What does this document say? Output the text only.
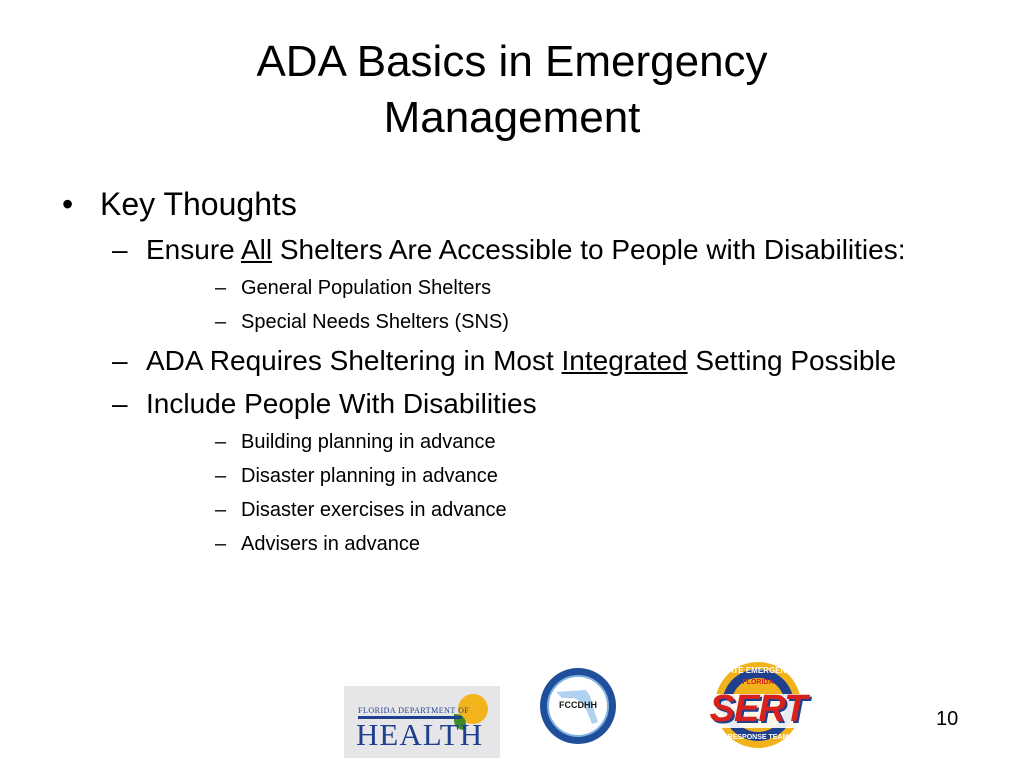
ADA Basics in Emergency
Management
• Key Thoughts
– Ensure All Shelters Are Accessible to People with Disabilities:
– General Population Shelters
– Special Needs Shelters (SNS)
– ADA Requires Sheltering in Most Integrated Setting Possible
– Include People With Disabilities
– Building planning in advance
– Disaster planning in advance
– Disaster exercises in advance
– Advisers in advance
FLORIDA DEPARTMENT OF
HEALTH
FCCDHH
STATE EMERGENCY
FLORIDA
SERT
RESPONSE TEAM
10
